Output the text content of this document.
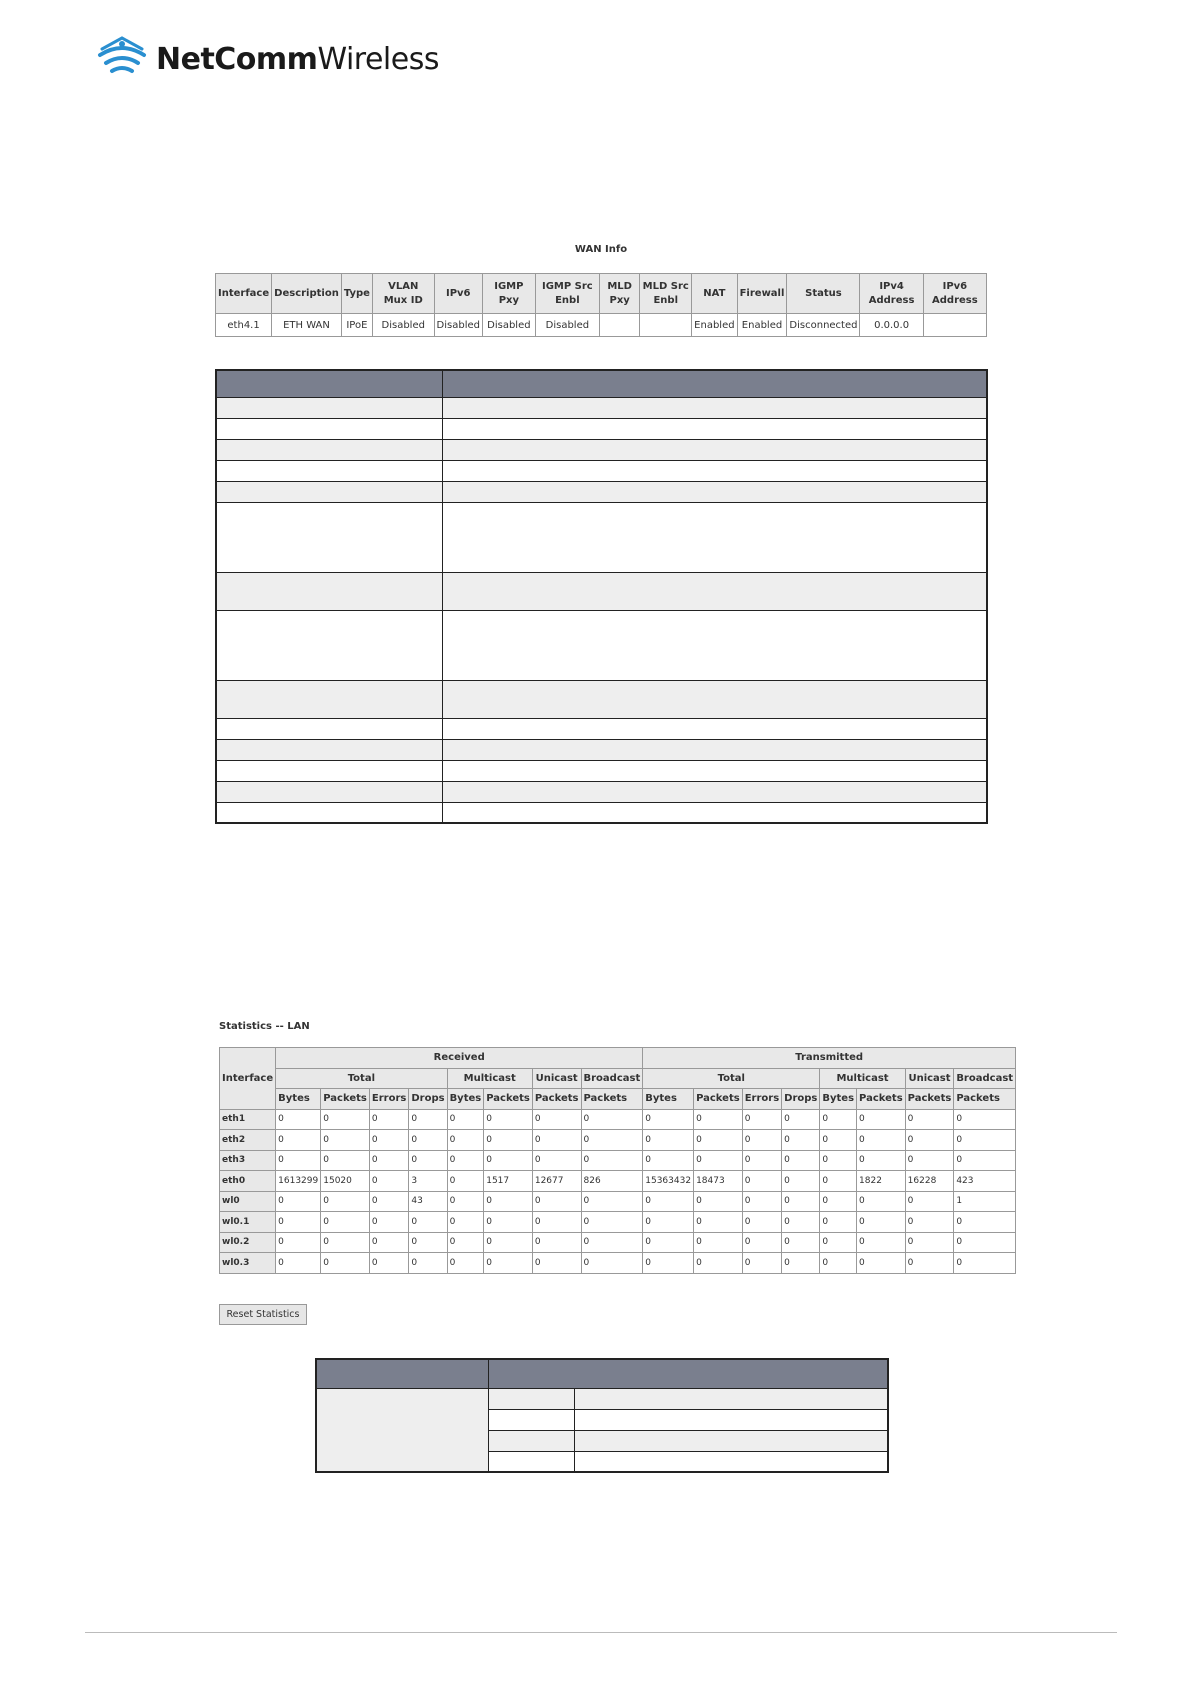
NetCommWireless
WAN Info
Interface	Description	Type	VLAN Mux ID	IPv6	IGMP Pxy	IGMP Src Enbl	MLD Pxy	MLD Src Enbl	NAT	Firewall	Status	IPv4 Address	IPv6 Address
eth4.1	ETH WAN	IPoE	Disabled	Disabled	Disabled	Disabled			Enabled	Enabled	Disconnected	0.0.0.0	

Statistics -- LAN
Interface	Received								Transmitted							
	Total				Multicast		Unicast	Broadcast	Total				Multicast		Unicast	Broadcast
	Bytes	Packets	Errors	Drops	Bytes	Packets	Packets	Packets	Bytes	Packets	Errors	Drops	Bytes	Packets	Packets	Packets
eth1	0	0	0	0	0	0	0	0	0	0	0	0	0	0	0	0
eth2	0	0	0	0	0	0	0	0	0	0	0	0	0	0	0	0
eth3	0	0	0	0	0	0	0	0	0	0	0	0	0	0	0	0
eth0	1613299	15020	0	3	0	1517	12677	826	15363432	18473	0	0	0	1822	16228	423
wl0	0	0	0	43	0	0	0	0	0	0	0	0	0	0	0	1
wl0.1	0	0	0	0	0	0	0	0	0	0	0	0	0	0	0	0
wl0.2	0	0	0	0	0	0	0	0	0	0	0	0	0	0	0	0
wl0.3	0	0	0	0	0	0	0	0	0	0	0	0	0	0	0	0
Reset Statistics
